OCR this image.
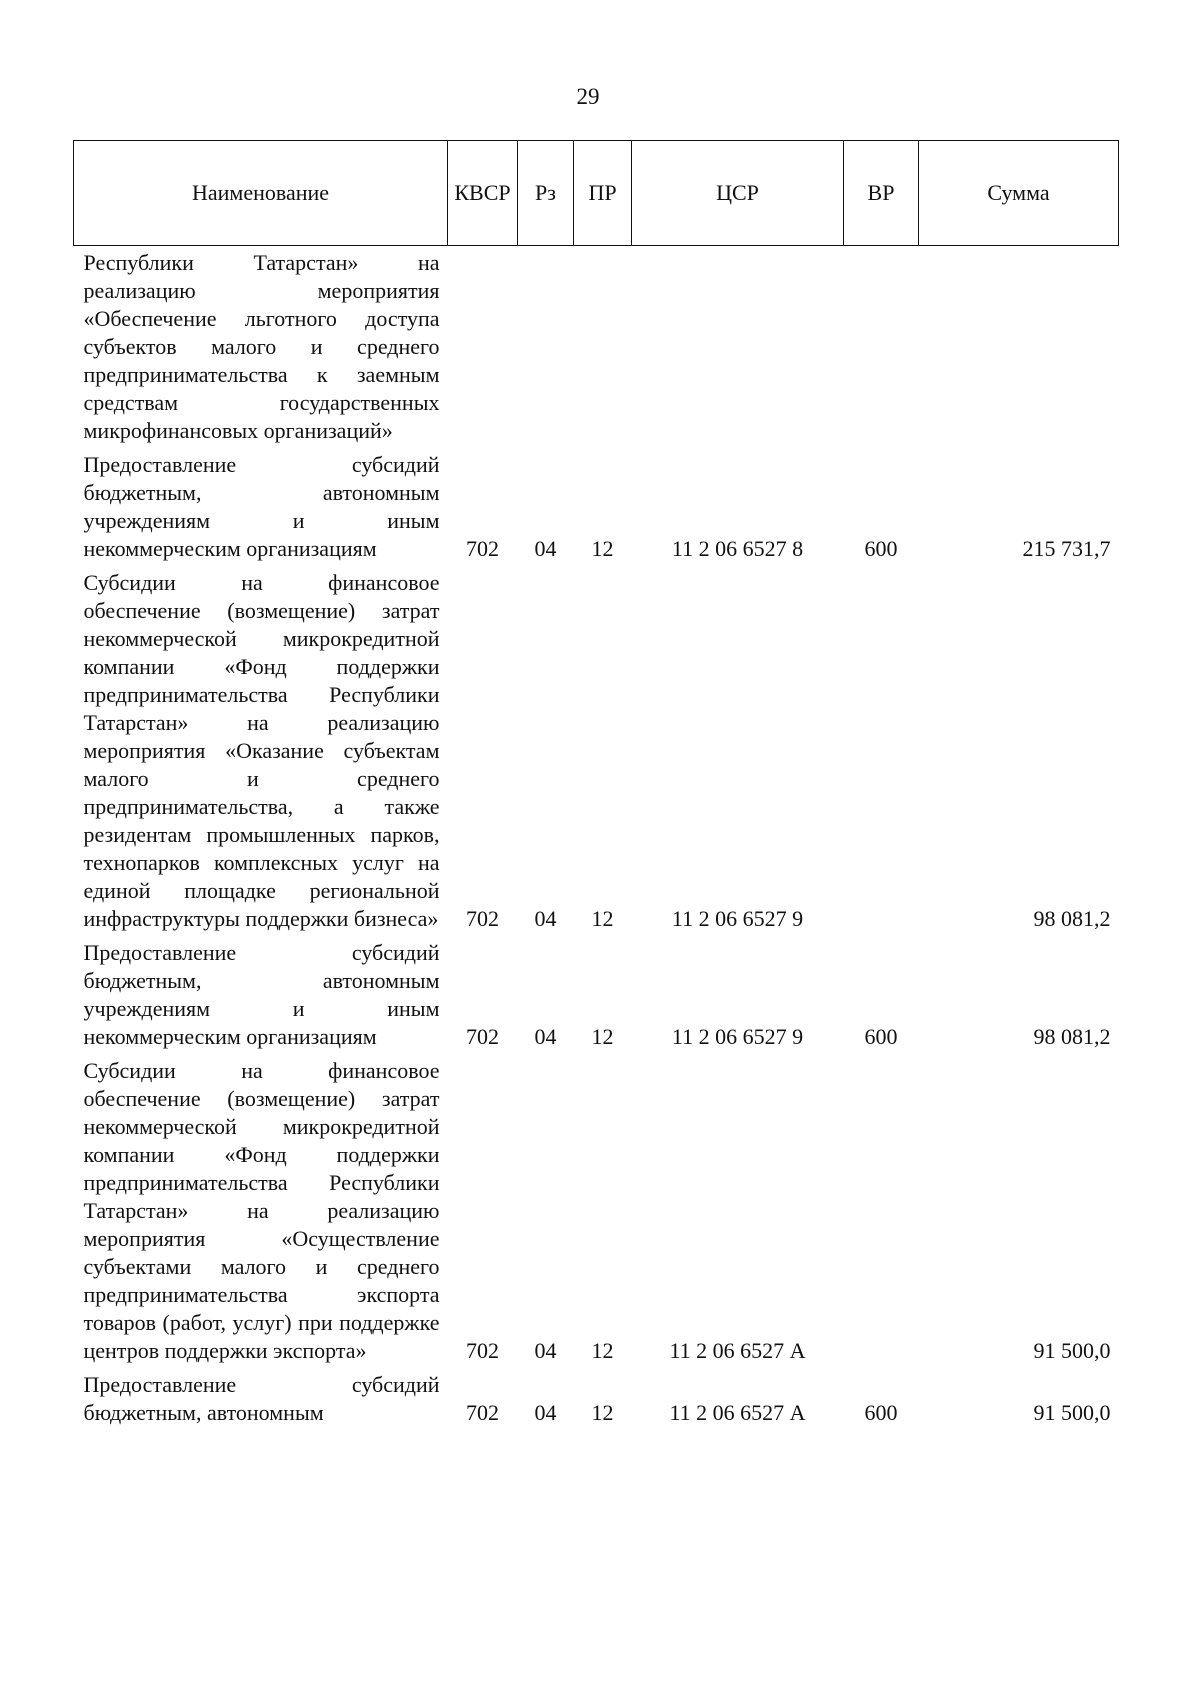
29
Наименование	КВСР	Рз	ПР	ЦСР	ВР	Сумма
Республики Татарстан» на реализацию мероприятия «Обеспечение льготного доступа субъектов малого и среднего предпринимательства к заемным средствам государственных микрофинансовых организаций»						
Предоставление субсидий бюджетным, автономным учреждениям и иным некоммерческим организациям	702	04	12	11 2 06 6527 8	600	215 731,7
Субсидии на финансовое обеспечение (возмещение) затрат некоммерческой микрокредитной компании «Фонд поддержки предпринимательства Республики Татарстан» на реализацию мероприятия «Оказание субъектам малого и среднего предпринимательства, а также резидентам промышленных парков, технопарков комплексных услуг на единой площадке региональной инфраструктуры поддержки бизнеса»	702	04	12	11 2 06 6527 9		98 081,2
Предоставление субсидий бюджетным, автономным учреждениям и иным некоммерческим организациям	702	04	12	11 2 06 6527 9	600	98 081,2
Субсидии на финансовое обеспечение (возмещение) затрат некоммерческой микрокредитной компании «Фонд поддержки предпринимательства Республики Татарстан» на реализацию мероприятия «Осуществление субъектами малого и среднего предпринимательства экспорта товаров (работ, услуг) при поддержке центров поддержки экспорта»	702	04	12	11 2 06 6527 А		91 500,0
Предоставление субсидий бюджетным, автономным	702	04	12	11 2 06 6527 А	600	91 500,0
